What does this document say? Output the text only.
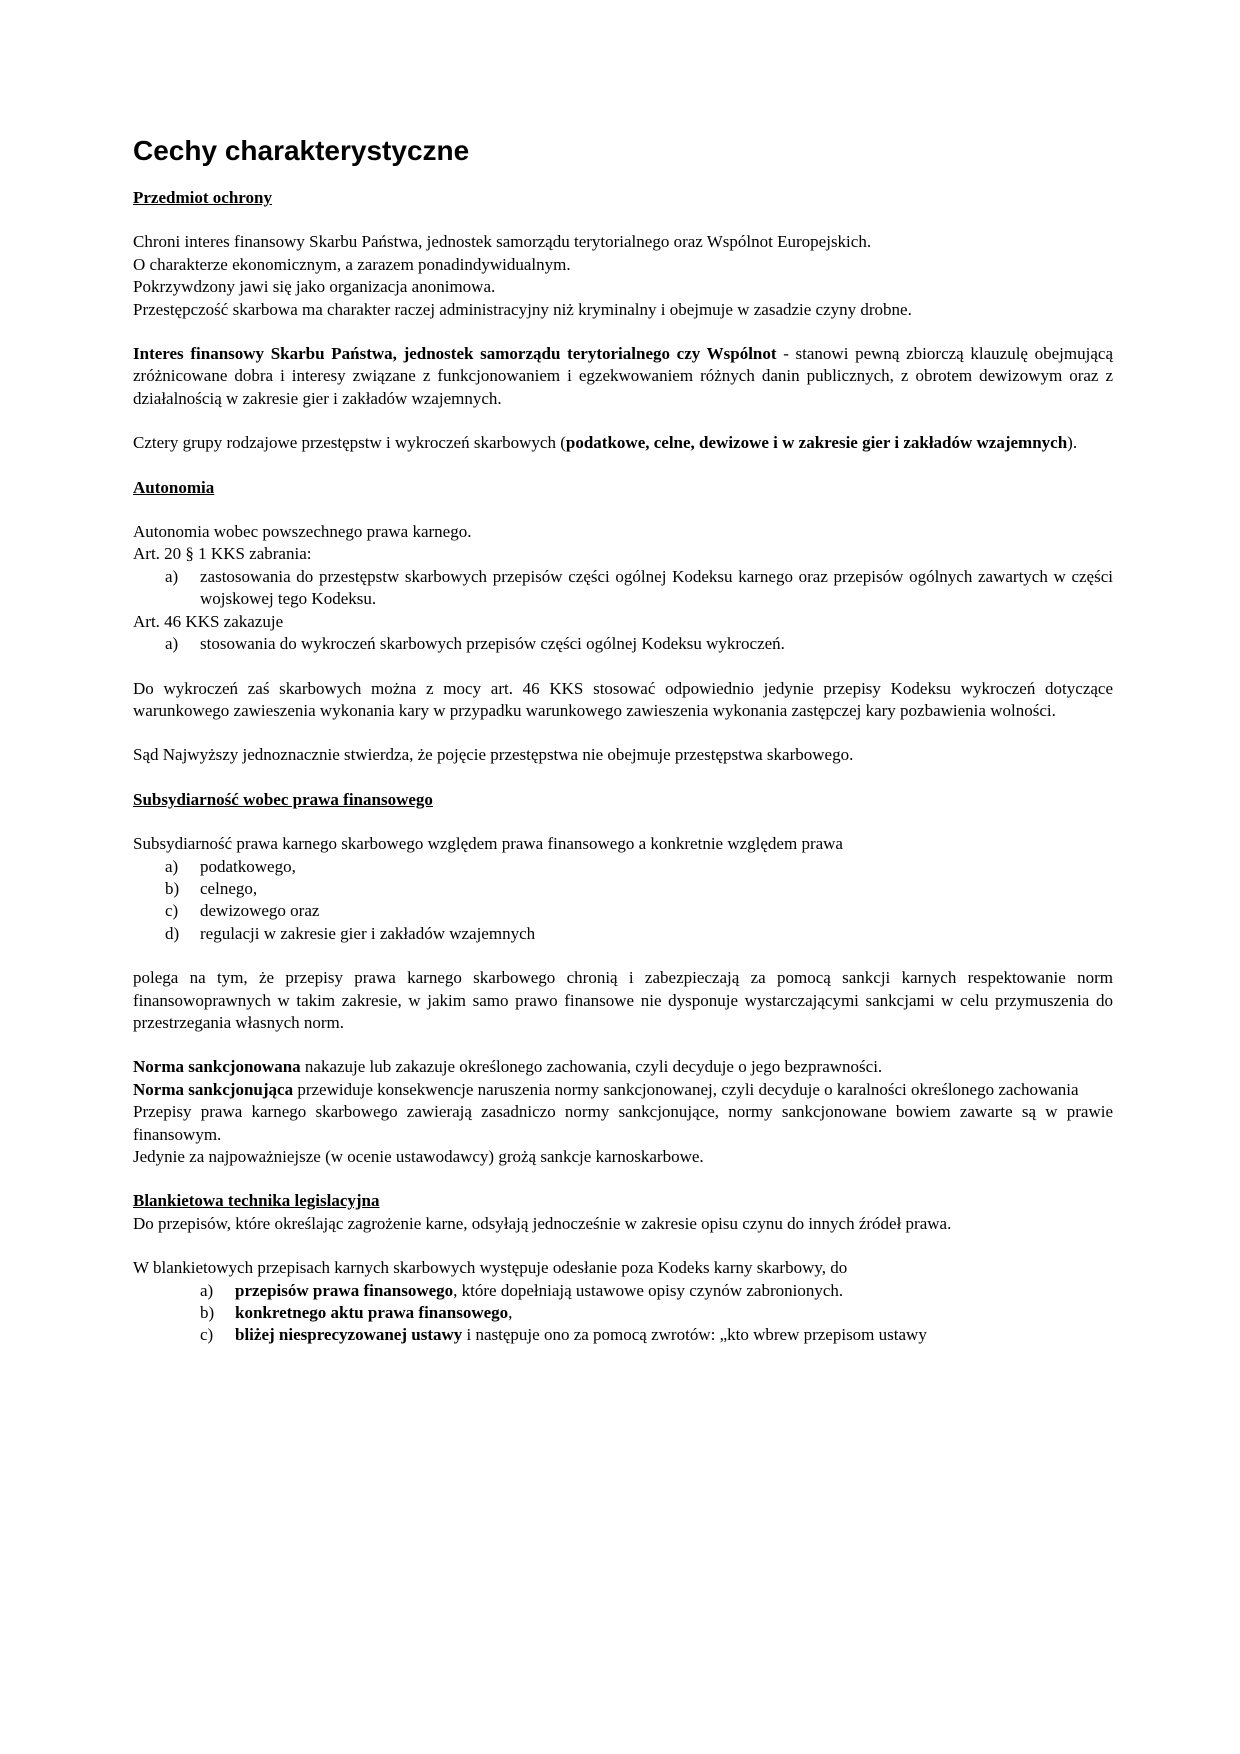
Cechy charakterystyczne
Przedmiot ochrony
Chroni interes finansowy Skarbu Państwa, jednostek samorządu terytorialnego oraz Wspólnot Europejskich.
O charakterze ekonomicznym, a zarazem ponadindywidualnym.
Pokrzywdzony jawi się jako organizacja anonimowa.
Przestępczość skarbowa ma charakter raczej administracyjny niż kryminalny i obejmuje w zasadzie czyny drobne.
Interes finansowy Skarbu Państwa, jednostek samorządu terytorialnego czy Wspólnot - stanowi pewną zbiorczą klauzulę obejmującą zróżnicowane dobra i interesy związane z funkcjonowaniem i egzekwowaniem różnych danin publicznych, z obrotem dewizowym oraz z działalnością w zakresie gier i zakładów wzajemnych.
Cztery grupy rodzajowe przestępstw i wykroczeń skarbowych (podatkowe, celne, dewizowe i w zakresie gier i zakładów wzajemnych).
Autonomia
Autonomia wobec powszechnego prawa karnego.
Art. 20 § 1 KKS zabrania:
a)	zastosowania do przestępstw skarbowych przepisów części ogólnej Kodeksu karnego oraz przepisów ogólnych zawartych w części wojskowej tego Kodeksu.
Art. 46 KKS zakazuje
a)	stosowania do wykroczeń skarbowych przepisów części ogólnej Kodeksu wykroczeń.
Do wykroczeń zaś skarbowych można z mocy art. 46 KKS stosować odpowiednio jedynie przepisy Kodeksu wykroczeń dotyczące warunkowego zawieszenia wykonania kary w przypadku warunkowego zawieszenia wykonania zastępczej kary pozbawienia wolności.
Sąd Najwyższy jednoznacznie stwierdza, że pojęcie przestępstwa nie obejmuje przestępstwa skarbowego.
Subsydiarność wobec prawa finansowego
Subsydiarność prawa karnego skarbowego względem prawa finansowego a konkretnie względem prawa
a)	podatkowego,
b)	celnego,
c)	dewizowego oraz
d)	regulacji w zakresie gier i zakładów wzajemnych
polega na tym, że przepisy prawa karnego skarbowego chronią i zabezpieczają za pomocą sankcji karnych respektowanie norm finansowoprawnych w takim zakresie, w jakim samo prawo finansowe nie dysponuje wystarczającymi sankcjami w celu przymuszenia do przestrzegania własnych norm.
Norma sankcjonowana nakazuje lub zakazuje określonego zachowania, czyli decyduje o jego bezprawności.
Norma sankcjonująca przewiduje konsekwencje naruszenia normy sankcjonowanej, czyli decyduje o karalności określonego zachowania
Przepisy prawa karnego skarbowego zawierają zasadniczo normy sankcjonujące, normy sankcjonowane bowiem zawarte są w prawie finansowym.
Jedynie za najpoważniejsze (w ocenie ustawodawcy) grożą sankcje karnoskarbowe.
Blankietowa technika legislacyjna
Do przepisów, które określając zagrożenie karne, odsyłają jednocześnie w zakresie opisu czynu do innych źródeł prawa.
W blankietowych przepisach karnych skarbowych występuje odesłanie poza Kodeks karny skarbowy, do
a)	przepisów prawa finansowego, które dopełniają ustawowe opisy czynów zabronionych.
b)	konkretnego aktu prawa finansowego,
c)	bliżej niesprecyzowanej ustawy i następuje ono za pomocą zwrotów: „kto wbrew przepisom ustawy
